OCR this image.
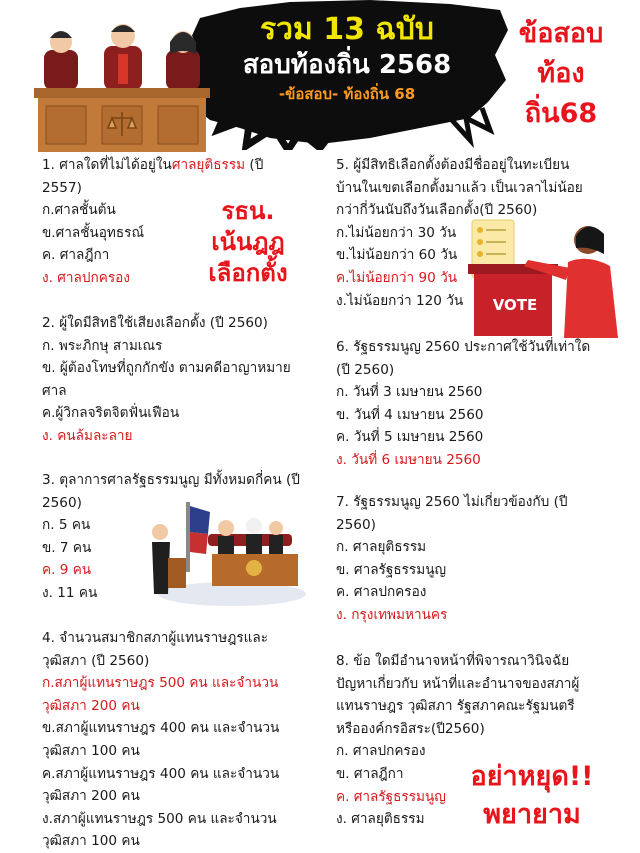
รวม 13 ฉบับ
สอบท้องถิ่น 2568
-ข้อสอบ- ท้องถิ่น 68
ข้อสอบ
ท้อง
ถิ่น68
1. ศาลใดที่ไม่ได้อยู่ในศาลยุติธรรม (ปี
2557)
ก.ศาลชั้นต้น
ข.ศาลชั้นอุทธรณ์
ค. ศาลฎีกา
ง. ศาลปกครอง
2. ผู้ใดมีสิทธิใช้เสียงเลือกตั้ง (ปี 2560)
ก. พระภิกษุ สามเณร
ข. ผู้ต้องโทษที่ถูกกักขัง ตามคดีอาญาหมาย
ศาล
ค.ผู้วิกลจริตจิตฟั่นเฟือน
ง. คนล้มละลาย
3. ตุลาการศาลรัฐธรรมนูญ มีทั้งหมดกี่คน (ปี
2560)
ก. 5 คน
ข. 7 คน
ค. 9 คน
ง. 11 คน
4. จำนวนสมาชิกสภาผู้แทนราษฎรและ
วุฒิสภา (ปี 2560)
ก.สภาผู้แทนราษฎร 500 คน และจำนวน
วุฒิสภา 200 คน
ข.สภาผู้แทนราษฎร 400 คน และจำนวน
วุฒิสภา 100 คน
ค.สภาผู้แทนราษฎร 400 คน และจำนวน
วุฒิสภา 200 คน
ง.สภาผู้แทนราษฎร 500 คน และจำนวน
วุฒิสภา 100 คน
5. ผู้มีสิทธิเลือกตั้งต้องมีชื่ออยู่ในทะเบียน
บ้านในเขตเลือกตั้งมาแล้ว เป็นเวลาไม่น้อย
กว่ากี่วันนับถึงวันเลือกตั้ง(ปี 2560)
ก.ไม่น้อยกว่า 30 วัน
ข.ไม่น้อยกว่า 60 วัน
ค.ไม่น้อยกว่า 90 วัน
ง.ไม่น้อยกว่า 120 วัน
6. รัฐธรรมนูญ 2560 ประกาศใช้วันที่เท่าใด
(ปี 2560)
ก. วันที่ 3 เมษายน 2560
ข. วันที่ 4 เมษายน 2560
ค. วันที่ 5 เมษายน 2560
ง. วันที่ 6 เมษายน 2560
7. รัฐธรรมนูญ 2560 ไม่เกี่ยวข้องกับ (ปี
2560)
ก. ศาลยุติธรรม
ข. ศาลรัฐธรรมนูญ
ค. ศาลปกครอง
ง. กรุงเทพมหานคร
8. ข้อ ใดมีอำนาจหน้าที่พิจารณาวินิจฉัย
ปัญหาเกี่ยวกับ หน้าที่และอำนาจของสภาผู้
แทนราษฎร วุฒิสภา รัฐสภาคณะรัฐมนตรี
หรือองค์กรอิสระ(ปี2560)
ก. ศาลปกครอง
ข. ศาลฎีกา
ค. ศาลรัฐธรรมนูญ
ง. ศาลยุติธรรม
รธน.
เน้นฎฎ
เลือกตั้ง
VOTE
อย่าหยุด!!
พยายาม
